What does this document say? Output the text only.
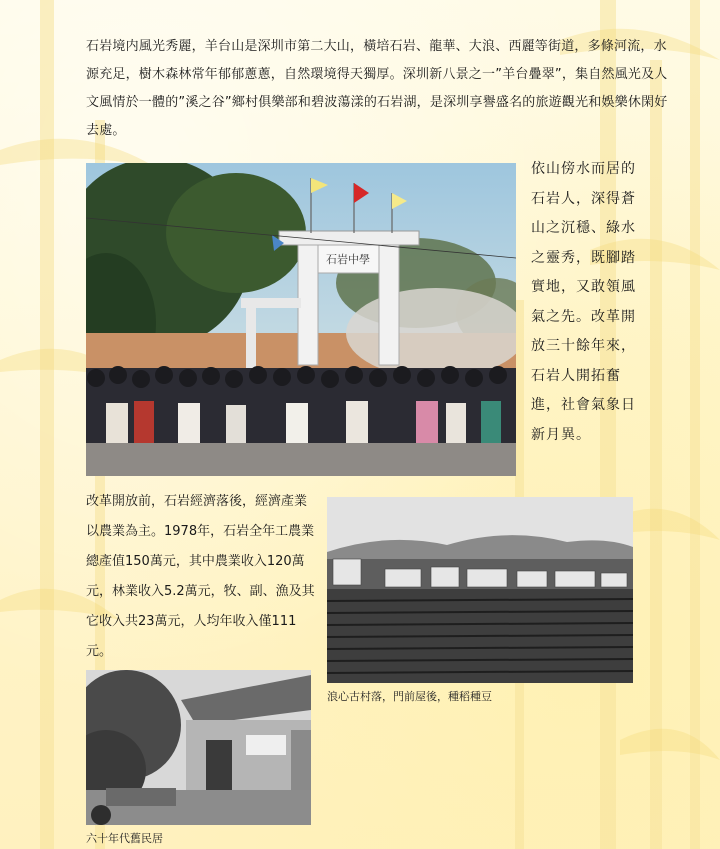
石岩境内風光秀麗，羊台山是深圳市第二大山，橫培石岩、龍華、大浪、西麗等街道，多條河流，水源充足，樹木森林常年郁郁蔥蔥，自然環境得天獨厚。深圳新八景之一”羊台疊翠”，集自然風光及人文風情於一體的”溪之谷”鄉村俱樂部和碧波蕩漾的石岩湖，是深圳享譽盛名的旅遊觀光和娛樂休閑好去處。

石岩中學

依山傍水而居的石岩人，深得蒼山之沉穩、綠水之靈秀，既腳踏實地，又敢領風氣之先。改革開放三十餘年來，石岩人開拓奮進，社會氣象日新月異。

改革開放前，石岩經濟落後，經濟產業以農業為主。1978年，石岩全年工農業總產值150萬元，其中農業收入120萬元，林業收入5.2萬元，牧、副、漁及其它收入共23萬元，人均年收入僅111元。

浪心古村落，門前屋後，種稻種豆
六十年代舊民居
